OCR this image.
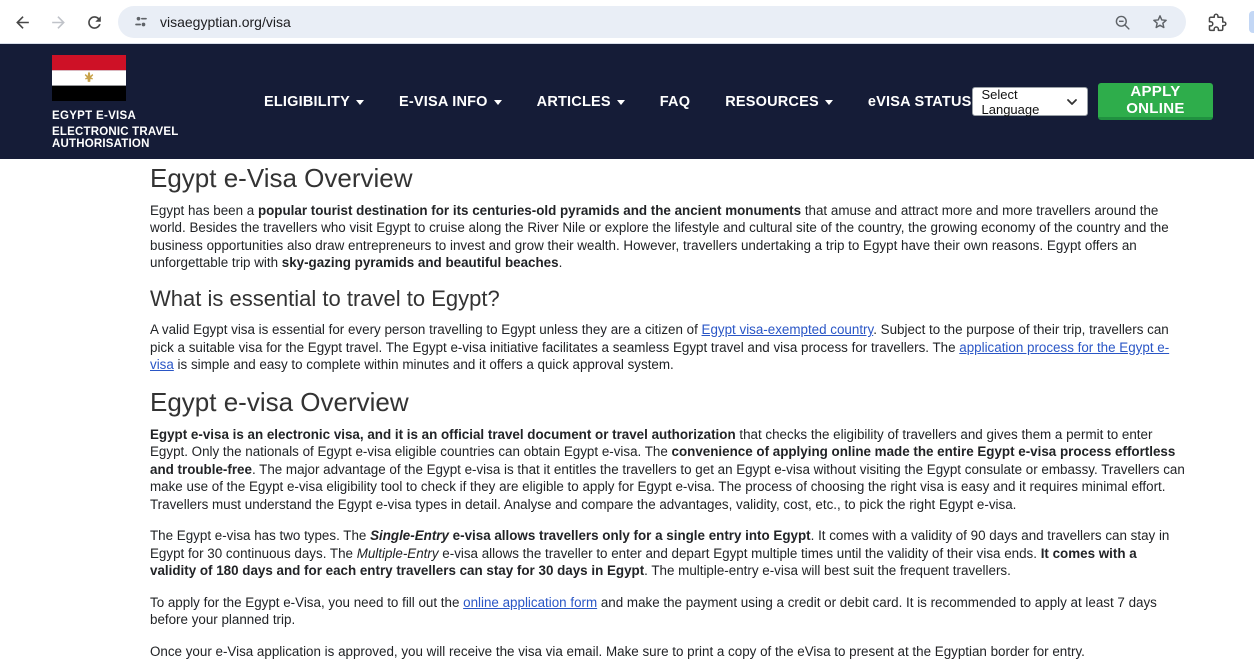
visaegyptian.org/visa
EGYPT E-VISA
ELECTRONIC TRAVEL AUTHORISATION
ELIGIBILITY	E-VISA INFO	ARTICLES	FAQ RESOURCES	eVISA STATUS Select Language
APPLY ONLINE
Egypt e-Visa Overview

Egypt has been a popular tourist destination for its centuries-old pyramids and the ancient monuments that amuse and attract more and more travellers around the world. Besides the travellers who visit Egypt to cruise along the River Nile or explore the lifestyle and cultural site of the country, the growing economy of the country and the business opportunities also draw entrepreneurs to invest and grow their wealth. However, travellers undertaking a trip to Egypt have their own reasons. Egypt offers an unforgettable trip with sky-gazing pyramids and beautiful beaches.

What is essential to travel to Egypt?

A valid Egypt visa is essential for every person travelling to Egypt unless they are a citizen of Egypt visa-exempted country. Subject to the purpose of their trip, travellers can pick a suitable visa for the Egypt travel. The Egypt e-visa initiative facilitates a seamless Egypt travel and visa process for travellers. The application process for the Egypt e-visa is simple and easy to complete within minutes and it offers a quick approval system.

Egypt e-visa Overview

Egypt e-visa is an electronic visa, and it is an official travel document or travel authorization that checks the eligibility of travellers and gives them a permit to enter Egypt. Only the nationals of Egypt e-visa eligible countries can obtain Egypt e-visa. The convenience of applying online made the entire Egypt e-visa process effortless and trouble-free. The major advantage of the Egypt e-visa is that it entitles the travellers to get an Egypt e-visa without visiting the Egypt consulate or embassy. Travellers can make use of the Egypt e-visa eligibility tool to check if they are eligible to apply for Egypt e-visa. The process of choosing the right visa is easy and it requires minimal effort. Travellers must understand the Egypt e-visa types in detail. Analyse and compare the advantages, validity, cost, etc., to pick the right Egypt e-visa.

The Egypt e-visa has two types. The Single-Entry e-visa allows travellers only for a single entry into Egypt. It comes with a validity of 90 days and travellers can stay in Egypt for 30 continuous days. The Multiple-Entry e-visa allows the traveller to enter and depart Egypt multiple times until the validity of their visa ends. It comes with a validity of 180 days and for each entry travellers can stay for 30 days in Egypt. The multiple-entry e-visa will best suit the frequent travellers.

To apply for the Egypt e-Visa, you need to fill out the online application form and make the payment using a credit or debit card. It is recommended to apply at least 7 days before your planned trip.

Once your e-Visa application is approved, you will receive the visa via email. Make sure to print a copy of the eVisa to present at the Egyptian border for entry.
